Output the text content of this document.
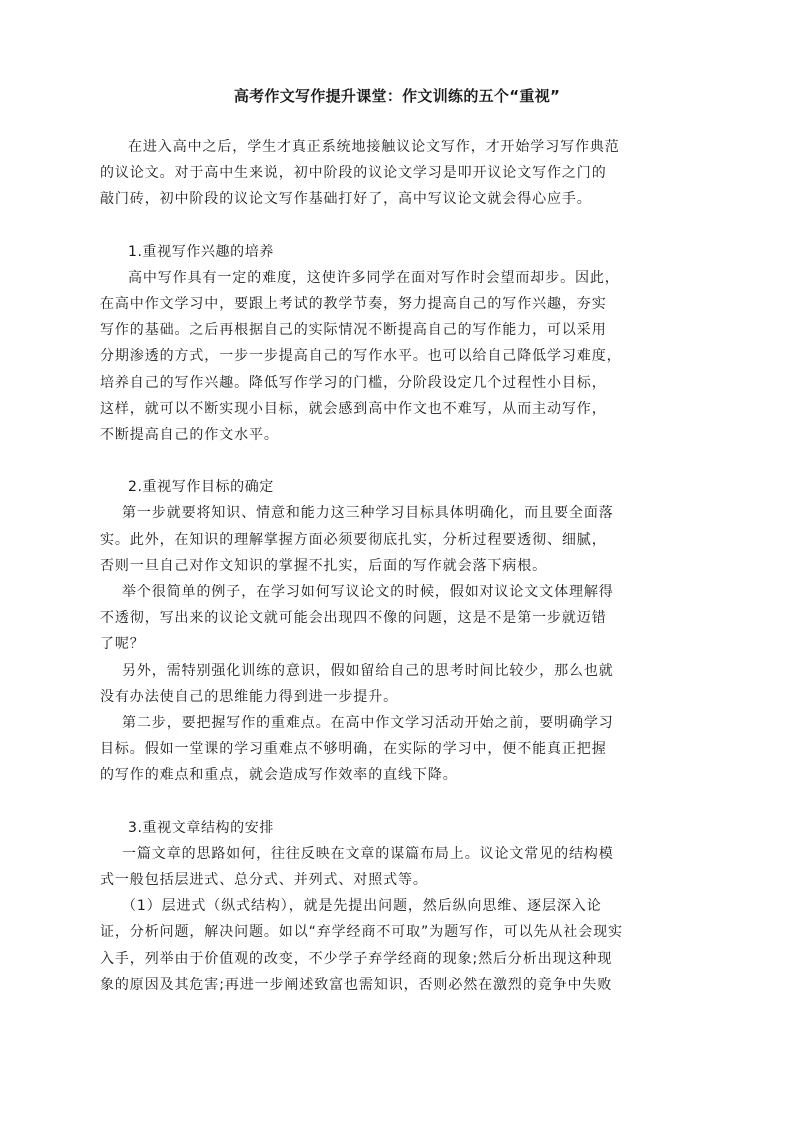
高考作文写作提升课堂：作文训练的五个“重视”
在进入高中之后，学生才真正系统地接触议论文写作，才开始学习写作典范
的议论文。对于高中生来说，初中阶段的议论文学习是叩开议论文写作之门的
敲门砖，初中阶段的议论文写作基础打好了，高中写议论文就会得心应手。
1.重视写作兴趣的培养
高中写作具有一定的难度，这使许多同学在面对写作时会望而却步。因此，
在高中作文学习中，要跟上考试的教学节奏，努力提高自己的写作兴趣，夯实
写作的基础。之后再根据自己的实际情况不断提高自己的写作能力，可以采用
分期渗透的方式，一步一步提高自己的写作水平。也可以给自己降低学习难度，
培养自己的写作兴趣。降低写作学习的门槛，分阶段设定几个过程性小目标，
这样，就可以不断实现小目标，就会感到高中作文也不难写，从而主动写作，
不断提高自己的作文水平。
2.重视写作目标的确定
第一步就要将知识、情意和能力这三种学习目标具体明确化，而且要全面落
实。此外，在知识的理解掌握方面必须要彻底扎实，分析过程要透彻、细腻，
否则一旦自己对作文知识的掌握不扎实，后面的写作就会落下病根。
举个很简单的例子，在学习如何写议论文的时候，假如对议论文文体理解得
不透彻，写出来的议论文就可能会出现四不像的问题，这是不是第一步就迈错
了呢？
另外，需特别强化训练的意识，假如留给自己的思考时间比较少，那么也就
没有办法使自己的思维能力得到进一步提升。
第二步，要把握写作的重难点。在高中作文学习活动开始之前，要明确学习
目标。假如一堂课的学习重难点不够明确，在实际的学习中，便不能真正把握
的写作的难点和重点，就会造成写作效率的直线下降。
3.重视文章结构的安排
一篇文章的思路如何，往往反映在文章的谋篇布局上。议论文常见的结构模
式一般包括层进式、总分式、并列式、对照式等。
（1）层进式（纵式结构），就是先提出问题，然后纵向思维、逐层深入论
证，分析问题，解决问题。如以“弃学经商不可取”为题写作，可以先从社会现实
入手，列举由于价值观的改变，不少学子弃学经商的现象;然后分析出现这种现
象的原因及其危害;再进一步阐述致富也需知识，否则必然在激烈的竞争中失败
